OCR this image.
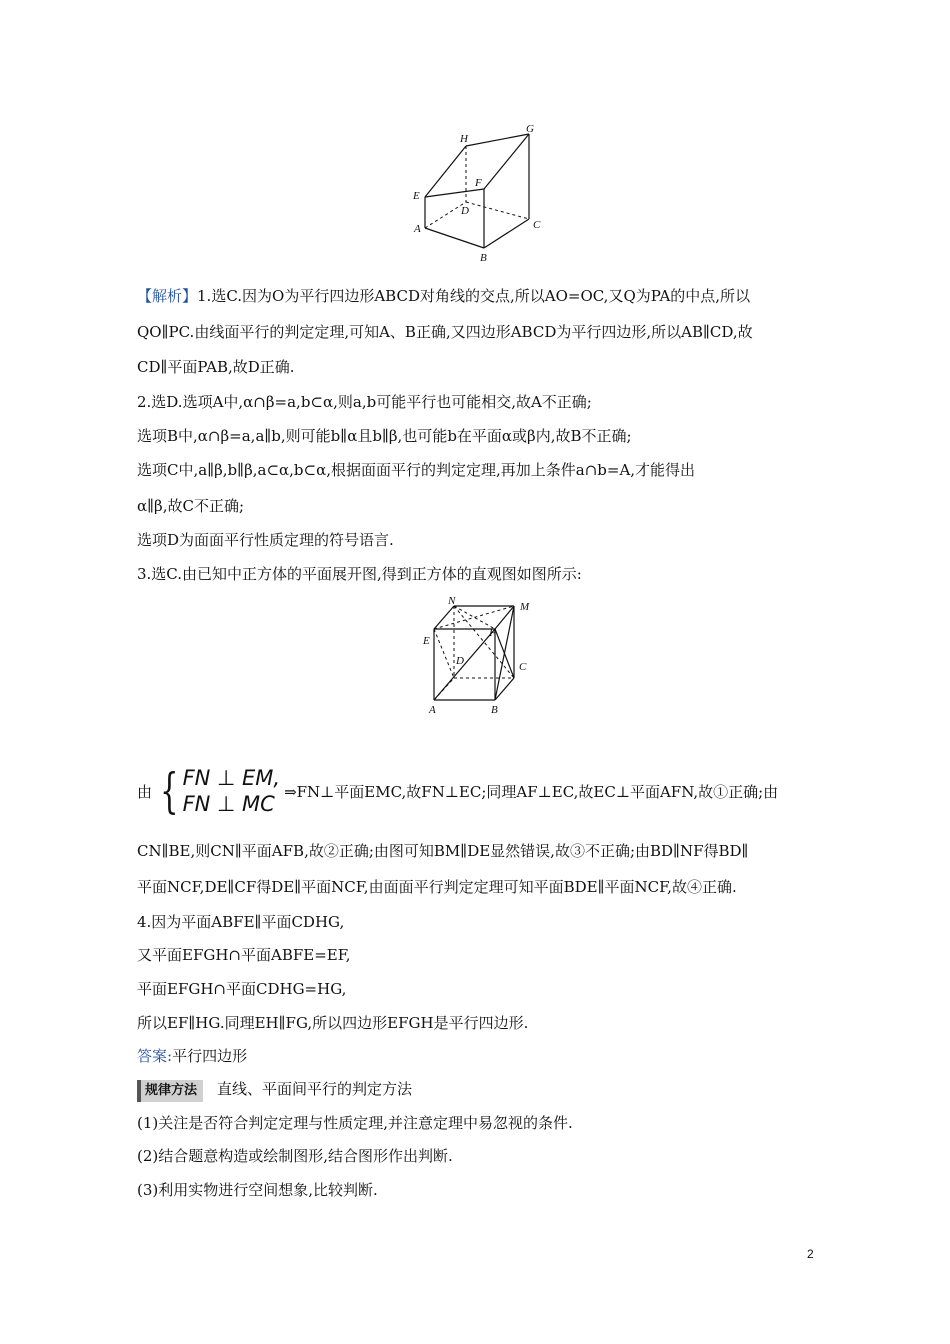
H
G
E
F
D
A
B
C
【解析】1.选C.因为O为平行四边形ABCD对角线的交点,所以AO=OC,又Q为PA的中点,所以
QO∥PC.由线面平行的判定定理,可知A、B正确,又四边形ABCD为平行四边形,所以AB∥CD,故
CD∥平面PAB,故D正确.
2.选D.选项A中,α∩β=a,b⊂α,则a,b可能平行也可能相交,故A不正确;
选项B中,α∩β=a,a∥b,则可能b∥α且b∥β,也可能b在平面α或β内,故B不正确;
选项C中,a∥β,b∥β,a⊂α,b⊂α,根据面面平行的判定定理,再加上条件a∩b=A,才能得出
α∥β,故C不正确;
选项D为面面平行性质定理的符号语言.
3.选C.由已知中正方体的平面展开图,得到正方体的直观图如图所示:
N	M
E
F
D	C
A	B
由 { FN ⊥ EM,
FN ⊥ MC
⇒FN⊥平面EMC,故FN⊥EC;同理AF⊥EC,故EC⊥平面AFN,故①正确;由
CN∥BE,则CN∥平面AFB,故②正确;由图可知BM∥DE显然错误,故③不正确;由BD∥NF得BD∥
平面NCF,DE∥CF得DE∥平面NCF,由面面平行判定定理可知平面BDE∥平面NCF,故④正确.
4.因为平面ABFE∥平面CDHG,
又平面EFGH∩平面ABFE=EF,
平面EFGH∩平面CDHG=HG,
所以EF∥HG.同理EH∥FG,所以四边形EFGH是平行四边形.
答案:平行四边形
规律方法 直线、平面间平行的判定方法
(1)关注是否符合判定定理与性质定理,并注意定理中易忽视的条件.
(2)结合题意构造或绘制图形,结合图形作出判断.
(3)利用实物进行空间想象,比较判断.
2
